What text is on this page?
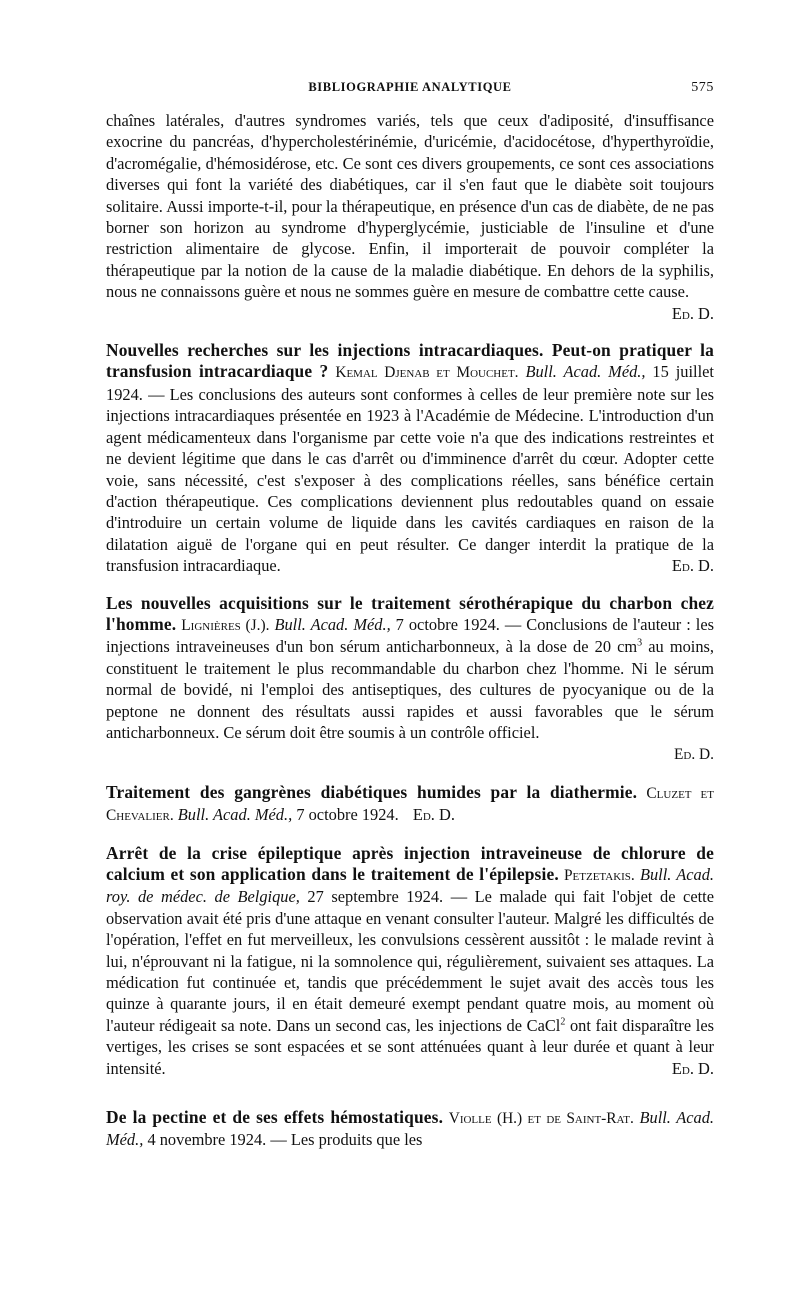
BIBLIOGRAPHIE ANALYTIQUE	575

chaînes latérales, d'autres syndromes variés, tels que ceux d'adiposité, d'insuffisance exocrine du pancréas, d'hypercholestérinémie, d'uricémie, d'acidocétose, d'hyperthyroïdie, d'acromégalie, d'hémosidérose, etc. Ce sont ces divers groupements, ce sont ces associations diverses qui font la variété des diabétiques, car il s'en faut que le diabète soit toujours solitaire. Aussi importe-t-il, pour la thérapeutique, en présence d'un cas de diabète, de ne pas borner son horizon au syndrome d'hyperglycémie, justiciable de l'insuline et d'une restriction alimentaire de glycose. Enfin, il importerait de pouvoir compléter la thérapeutique par la notion de la cause de la maladie diabétique. En dehors de la syphilis, nous ne connaissons guère et nous ne sommes guère en mesure de combattre cette cause.
Ed. D.

Nouvelles recherches sur les injections intracardiaques. Peut-on pratiquer la transfusion intracardiaque ? Kemal Djenab et Mouchet. Bull. Acad. Méd., 15 juillet 1924. — Les conclusions des auteurs sont conformes à celles de leur première note sur les injections intracardiaques présentée en 1923 à l'Académie de Médecine. L'introduction d'un agent médicamenteux dans l'organisme par cette voie n'a que des indications restreintes et ne devient légitime que dans le cas d'arrêt ou d'imminence d'arrêt du cœur. Adopter cette voie, sans nécessité, c'est s'exposer à des complications réelles, sans bénéfice certain d'action thérapeutique. Ces complications deviennent plus redoutables quand on essaie d'introduire un certain volume de liquide dans les cavités cardiaques en raison de la dilatation aiguë de l'organe qui en peut résulter. Ce danger interdit la pratique de la transfusion intracardiaque.	Ed. D.

Les nouvelles acquisitions sur le traitement sérothérapique du charbon chez l'homme. Lignières (J.). Bull. Acad. Méd., 7 octobre 1924. — Conclusions de l'auteur : les injections intraveineuses d'un bon sérum anticharbonneux, à la dose de 20 $cm^3$ au moins, constituent le traitement le plus recommandable du charbon chez l'homme. Ni le sérum normal de bovidé, ni l'emploi des antiseptiques, des cultures de pyocyanique ou de la peptone ne donnent des résultats aussi rapides et aussi favorables que le sérum anticharbonneux. Ce sérum doit être soumis à un contrôle officiel.

Ed. D.

Traitement des gangrènes diabétiques humides par la diathermie. Cluzet et Chevalier. Bull. Acad. Méd., 7 octobre 1924. Ed. D.

Arrêt de la crise épileptique après injection intraveineuse de chlorure de calcium et son application dans le traitement de l'épilepsie. Petzetakis. Bull. Acad. roy. de médec. de Belgique, 27 septembre 1924. — Le malade qui fait l'objet de cette observation avait été pris d'une attaque en venant consulter l'auteur. Malgré les difficultés de l'opération, l'effet en fut merveilleux, les convulsions cessèrent aussitôt : le malade revint à lui, n'éprouvant ni la fatigue, ni la somnolence qui, régulièrement, suivaient ses attaques. La médication fut continuée et, tandis que précédemment le sujet avait des accès tous les quinze à quarante jours, il en était demeuré exempt pendant quatre mois, au moment où l'auteur rédigeait sa note. Dans un second cas, les injections de CaCl$^2$ ont fait disparaître les vertiges, les crises se sont espacées et se sont atténuées quant à leur durée et quant à leur intensité.	Ed. D.

De la pectine et de ses effets hémostatiques. Violle (H.) et de Saint-Rat. Bull. Acad. Méd., 4 novembre 1924. — Les produits que les
